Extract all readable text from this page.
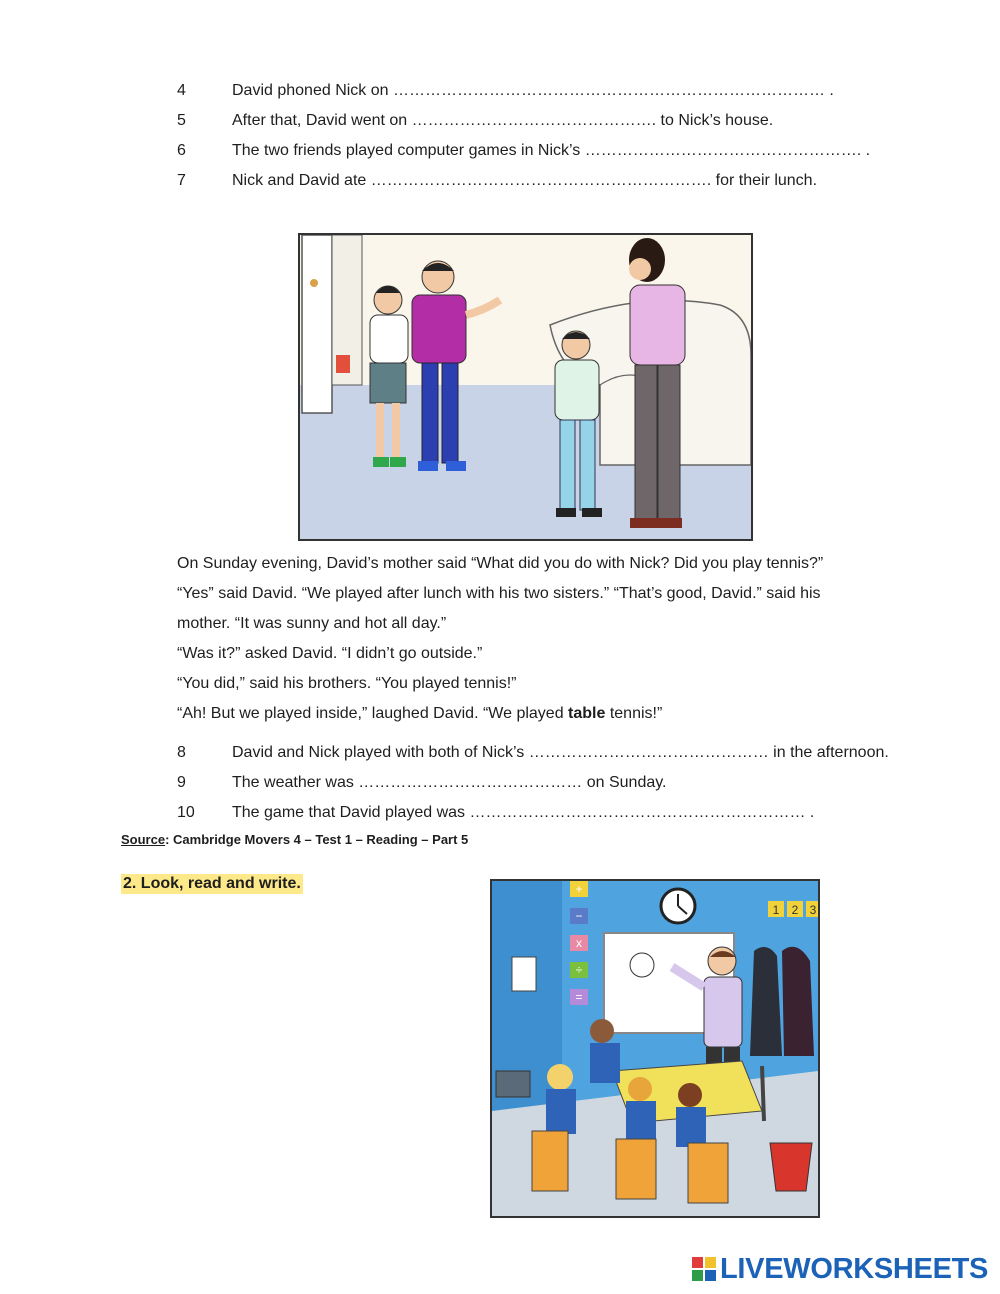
4	David phoned Nick on ……………………………………………………………………… .
5	After that, David went on ………………………………………. to Nick’s house.
6	The two friends played computer games in Nick’s ……………………………………………. .
7	Nick and David ate ………………………………………………………. for their lunch.
On Sunday evening, David’s mother said “What did you do with Nick? Did you play tennis?”
“Yes” said David. “We played after lunch with his two sisters.” “That’s good, David.” said his
mother. “It was sunny and hot all day.”
“Was it?” asked David. “I didn’t go outside.”
“You did,” said his brothers. “You played tennis!”
“Ah! But we played inside,” laughed David. “We played table tennis!”
8	David and Nick played with both of Nick’s ……………………………………… in the afternoon.
9	The weather was …………………………………… on Sunday.
10 The game that David played was ……………………………………………………… .
Source: Cambridge Movers 4 – Test 1 – Reading – Part 5
2. Look, read and write.	+
−
x
÷
=
1 2 3
LIVEWORKSHEETS
